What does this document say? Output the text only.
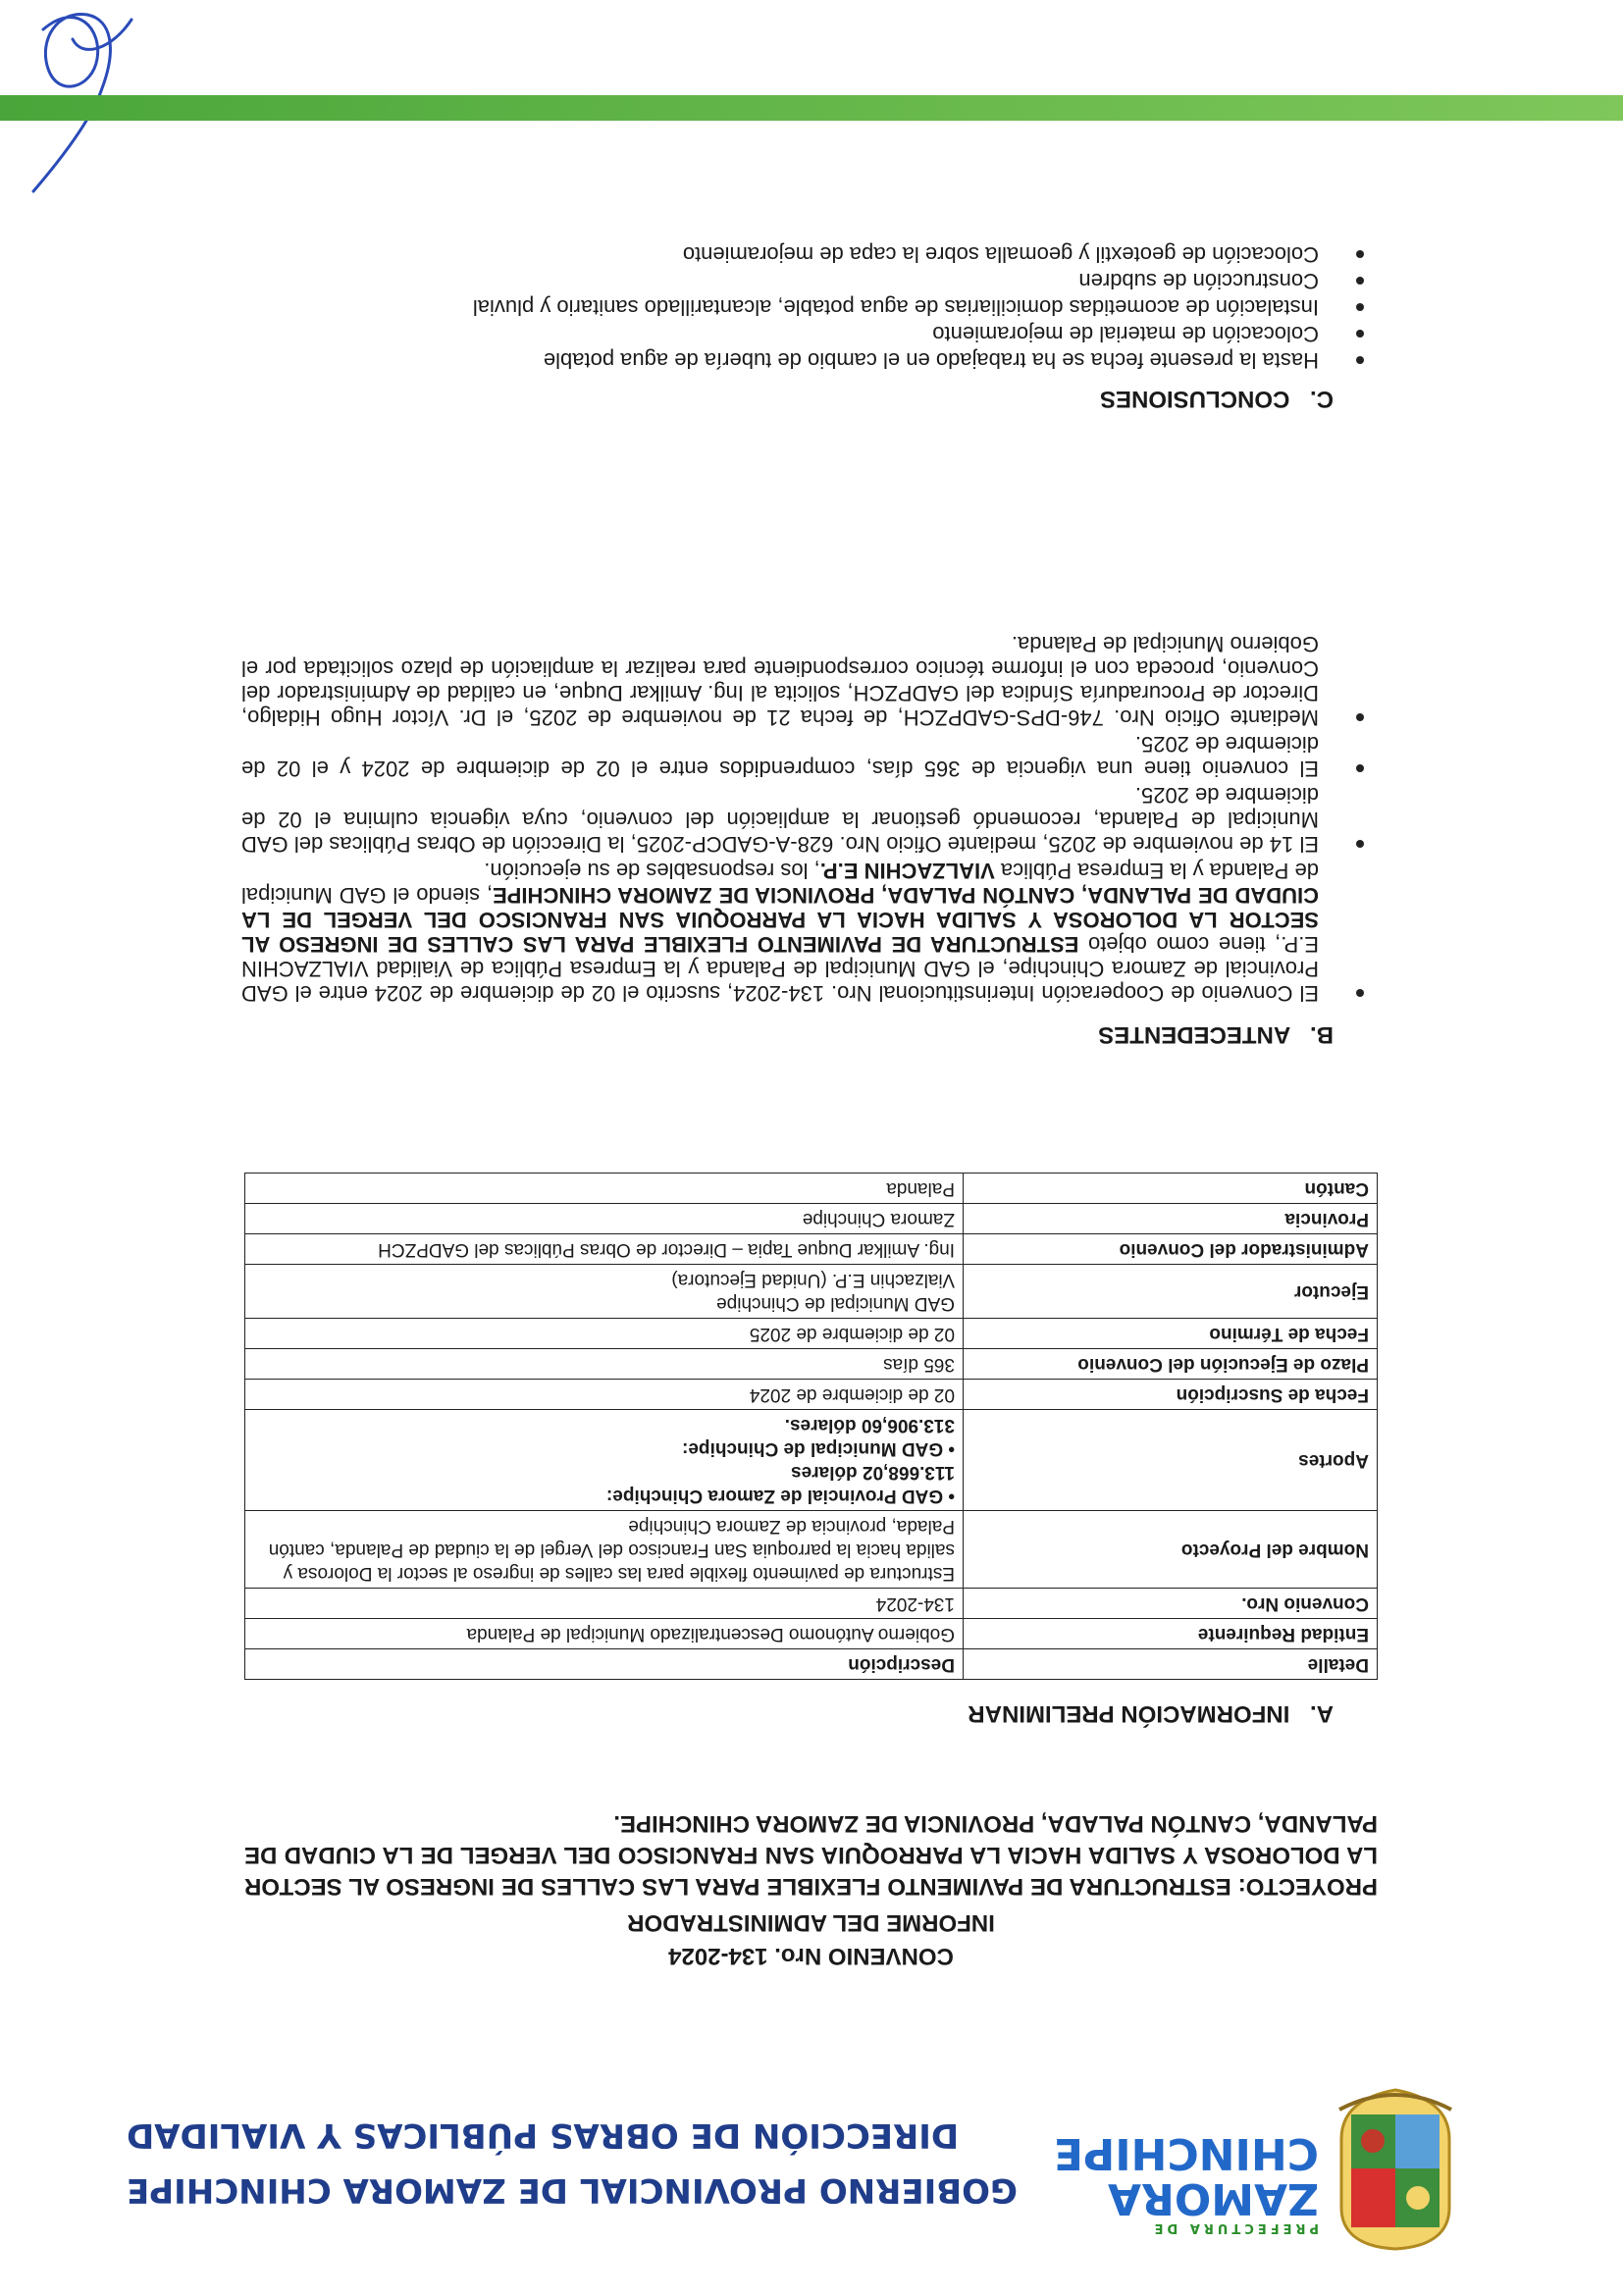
PREFECTURA DE
ZAMORA
CHINCHIPE
GOBIERNO PROVINCIAL DE ZAMORA CHINCHIPE
DIRECCIÓN DE OBRAS PÚBLICAS Y VIALIDAD
CONVENIO Nro. 134-2024
INFORME DEL ADMINISTRADOR
PROYECTO: ESTRUCTURA DE PAVIMENTO FLEXIBLE PARA LAS CALLES DE INGRESO AL SECTOR LA DOLOROSA Y SALIDA HACIA LA PARROQUIA SAN FRANCISCO DEL VERGEL DE LA CIUDAD DE PALANDA, CANTÓN PALADA, PROVINCIA DE ZAMORA CHINCHIPE.
A. INFORMACIÓN PRELIMINAR
Detalle	Descripción
Entidad Requirente	Gobierno Autónomo Descentralizado Municipal de Palanda
Convenio Nro.	134-2024
Nombre del Proyecto	Estructura de pavimento flexible para las calles de ingreso al sector la Dolorosa y salida hacia la parroquia San Francisco del Vergel de la ciudad de Palanda, cantón Palada, provincia de Zamora Chinchipe
Aportes	• GAD Provincial de Zamora Chinchipe:
113.668,02 dólares
• GAD Municipal de Chinchipe:
313.906,60 dólares.

Fecha de Suscripción	02 de diciembre de 2024
Plazo de Ejecución del Convenio	365 días
Fecha de Término	02 de diciembre de 2025
Ejecutor	GAD Municipal de Chinchipe
Vialzachin E.P. (Unidad Ejecutora)

Administrador del Convenio	Ing. Amilkar Duque Tapia – Director de Obras Públicas del GADPZCH
Provincia	Zamora Chinchipe
Cantón	Palanda
B. ANTECEDENTES
El Convenio de Cooperación Interinstitucional Nro. 134-2024, suscrito el 02 de diciembre de 2024 entre el GAD Provincial de Zamora Chinchipe, el GAD Municipal de Palanda y la Empresa Pública de Vialidad VIALZACHIN E.P., tiene como objeto ESTRUCTURA DE PAVIMENTO FLEXIBLE PARA LAS CALLES DE INGRESO AL SECTOR LA DOLOROSA Y SALIDA HACIA LA PARROQUIA SAN FRANCISCO DEL VERGEL DE LA CIUDAD DE PALANDA, CANTÓN PALADA, PROVINCIA DE ZAMORA CHINCHIPE, siendo el GAD Municipal de Palanda y la Empresa Pública VIALZACHIN E.P., los responsables de su ejecución.
El 14 de noviembre de 2025, mediante Oficio Nro. 628-A-GADCP-2025, la Dirección de Obras Públicas del GAD Municipal de Palanda, recomendó gestionar la ampliación del convenio, cuya vigencia culmina el 02 de diciembre de 2025.
El convenio tiene una vigencia de 365 días, comprendidos entre el 02 de diciembre de 2024 y el 02 de diciembre de 2025.
Mediante Oficio Nro. 746-DPS-GADPZCH, de fecha 21 de noviembre de 2025, el Dr. Víctor Hugo Hidalgo, Director de Procuraduría Síndica del GADPZCH, solicita al Ing. Amilkar Duque, en calidad de Administrador del Convenio, proceda con el informe técnico correspondiente para realizar la ampliación de plazo solicitada por el Gobierno Municipal de Palanda.
C. CONCLUSIONES
Hasta la presente fecha se ha trabajado en el cambio de tubería de agua potable
Colocación de material de mejoramiento
Instalación de acometidas domiciliarias de agua potable, alcantarillado sanitario y pluvial
Construcción de subdren
Colocación de geotextil y geomalla sobre la capa de mejoramiento
